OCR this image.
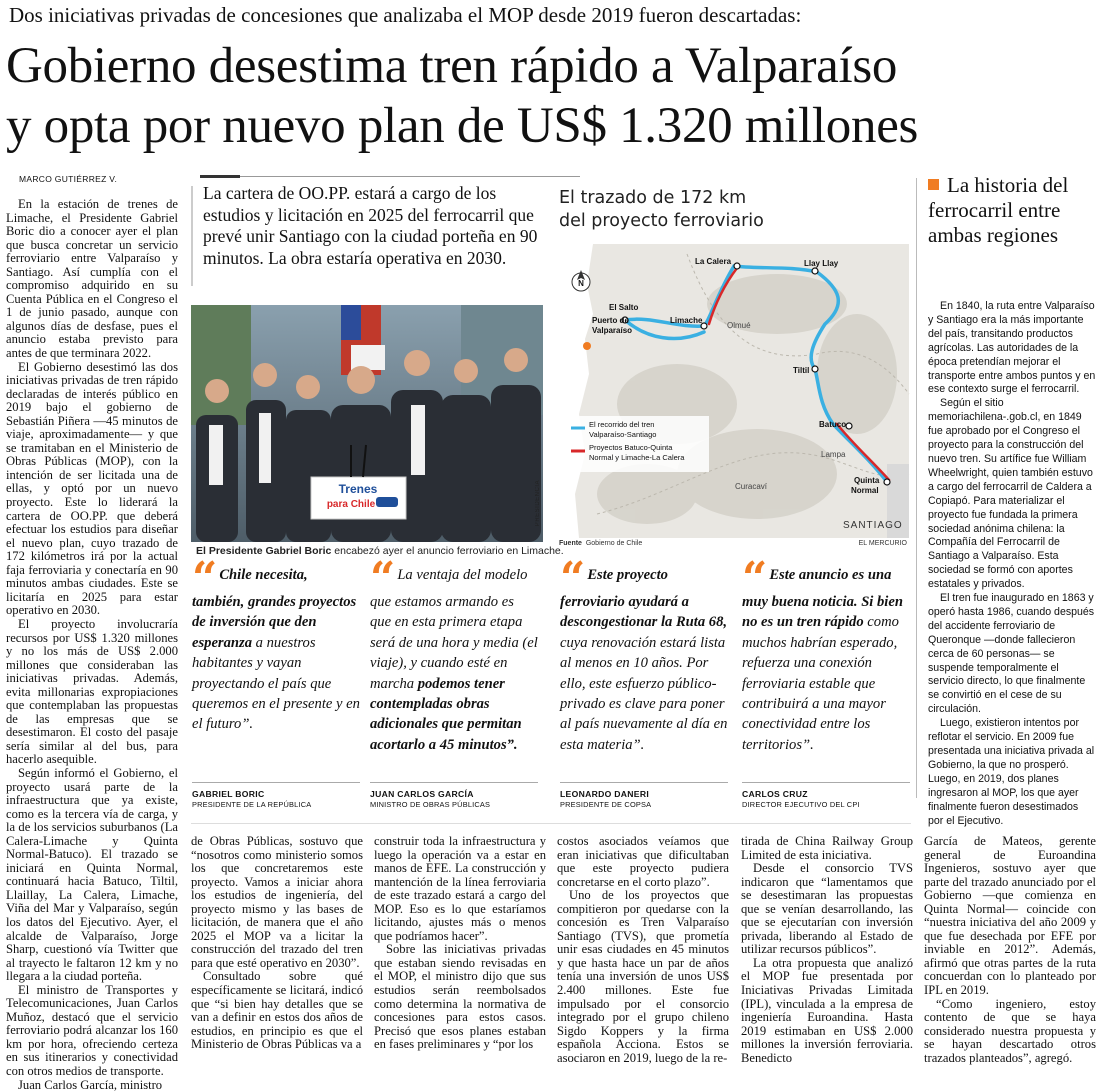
Dos iniciativas privadas de concesiones que analizaba el MOP desde 2019 fueron descartadas:
Gobierno desestima tren rápido a Valparaíso
y opta por nuevo plan de US$ 1.320 millones
MARCO GUTIÉRREZ V.

En la estación de trenes de Limache, el Presidente Gabriel Boric dio a conocer ayer el plan que busca concretar un servicio ferroviario entre Valparaíso y Santiago. Así cumplía con el compromiso adquirido en su Cuenta Pública en el Congreso el 1 de junio pasado, aunque con algunos días de desfase, pues el anuncio estaba previsto para antes de que terminara 2022.

El Gobierno desestimó las dos iniciativas privadas de tren rápido declaradas de interés público en 2019 bajo el gobierno de Sebastián Piñera —45 minutos de viaje, aproximadamente— y que se tramitaban en el Ministerio de Obras Públicas (MOP), con la intención de ser licitada una de ellas, y optó por un nuevo proyecto. Este lo liderará la cartera de OO.PP. que deberá efectuar los estudios para diseñar el nuevo plan, cuyo trazado de 172 kilómetros irá por la actual faja ferroviaria y conectaría en 90 minutos ambas ciudades. Este se licitaría en 2025 para estar operativo en 2030.

El proyecto involucraría recursos por US$ 1.320 millones y no los más de US$ 2.000 millones que consideraban las iniciativas privadas. Además, evita millonarias expropiaciones que contemplaban las propuestas de las empresas que se desestimaron. El costo del pasaje sería similar al del bus, para hacerlo asequible.

Según informó el Gobierno, el proyecto usará parte de la infraestructura que ya existe, como es la tercera vía de carga, y la de los servicios suburbanos (La Calera-Limache y Quinta Normal-Batuco). El trazado se iniciará en Quinta Normal, continuará hacia Batuco, Tiltil, Llaillay, La Calera, Limache, Viña del Mar y Valparaíso, según los datos del Ejecutivo. Ayer, el alcalde de Valparaíso, Jorge Sharp, cuestionó vía Twitter que al trayecto le faltaron 12 km y no llegara a la ciudad porteña.

El ministro de Transportes y Telecomunicaciones, Juan Carlos Muñoz, destacó que el servicio ferroviario podrá alcanzar los 160 km por hora, ofreciendo certeza en sus itinerarios y conectividad con otros medios de transporte.

Juan Carlos García, ministro

La cartera de OO.PP. estará a cargo de los estudios y licitación en 2025 del ferrocarril que prevé unir Santiago con la ciudad porteña en 90 minutos. La obra estaría operativa en 2030.
Trenes
para Chile	PRESIDENCIA
El Presidente Gabriel Boric encabezó ayer el anuncio ferroviario en Limache.
El trazado de 172 km
del proyecto ferroviario
N
La Calera	Llay Llay
El Salto
Puerto de
Valparaíso
Limache
Olmué
Tiltil
Batuco
Lampa
Quinta
Normal
Curacaví
SANTIAGO
El recorrido del tren
Valparaíso-Santiago
Proyectos Batuco-Quinta
Normal y Limache-La Calera
Fuente Gobierno de Chile	EL MERCURIO
La historia del ferrocarril entre ambas regiones

En 1840, la ruta entre Valparaíso y Santiago era la más importante del país, transitando productos agrícolas. Las autoridades de la época pretendían mejorar el transporte entre ambos puntos y en ese contexto surge el ferrocarril.

Según el sitio memoriachilena-.gob.cl, en 1849 fue aprobado por el Congreso el proyecto para la construcción del nuevo tren. Su artífice fue William Wheelwright, quien también estuvo a cargo del ferrocarril de Caldera a Copiapó. Para materializar el proyecto fue fundada la primera sociedad anónima chilena: la Compañía del Ferrocarril de Santiago a Valparaíso. Esta sociedad se formó con aportes estatales y privados.

El tren fue inaugurado en 1863 y operó hasta 1986, cuando después del accidente ferroviario de Queronque —donde fallecieron cerca de 60 personas— se suspende temporalmente el servicio directo, lo que finalmente se convirtió en el cese de su circulación.

Luego, existieron intentos por reflotar el servicio. En 2009 fue presentada una iniciativa privada al Gobierno, la que no prosperó. Luego, en 2019, dos planes ingresaron al MOP, los que ayer finalmente fueron desestimados por el Ejecutivo.

“ Chile necesita, también, grandes proyectos de inversión que den esperanza a nuestros habitantes y vayan proyectando el país que queremos en el presente y en el futuro”.
GABRIEL BORIC
PRESIDENTE DE LA REPÚBLICA
“ La ventaja del modelo que estamos armando es que en esta primera etapa será de una hora y media (el viaje), y cuando esté en marcha podemos tener contempladas obras adicionales que permitan acortarlo a 45 minutos”.
JUAN CARLOS GARCÍA
MINISTRO DE OBRAS PÚBLICAS
“ Este proyecto ferroviario ayudará a descongestionar la Ruta 68, cuya renovación estará lista al menos en 10 años. Por ello, este esfuerzo público-privado es clave para poner al país nuevamente al día en esta materia”.
LEONARDO DANERI
PRESIDENTE DE COPSA
“ Este anuncio es una muy buena noticia. Si bien no es un tren rápido como muchos habrían esperado, refuerza una conexión ferroviaria estable que contribuirá a una mayor conectividad entre los territorios”.
CARLOS CRUZ
DIRECTOR EJECUTIVO DEL CPI

de Obras Públicas, sostuvo que “nosotros como ministerio somos los que concretaremos este proyecto. Vamos a iniciar ahora los estudios de ingeniería, del proyecto mismo y las bases de licitación, de manera que el año 2025 el MOP va a licitar la construcción del trazado del tren para que esté operativo en 2030”.

Consultado sobre qué específicamente se licitará, indicó que “si bien hay detalles que se van a definir en estos dos años de estudios, en principio es que el Ministerio de Obras Públicas va a

construir toda la infraestructura y luego la operación va a estar en manos de EFE. La construcción y mantención de la línea ferroviaria de este trazado estará a cargo del MOP. Eso es lo que estaríamos licitando, ajustes más o menos que podríamos hacer”.

Sobre las iniciativas privadas que estaban siendo revisadas en el MOP, el ministro dijo que sus estudios serán reembolsados como determina la normativa de concesiones para estos casos. Precisó que esos planes estaban en fases preliminares y “por los

costos asociados veíamos que eran iniciativas que dificultaban que este proyecto pudiera concretarse en el corto plazo”.

Uno de los proyectos que compitieron por quedarse con la concesión es Tren Valparaíso Santiago (TVS), que prometía unir esas ciudades en 45 minutos y que hasta hace un par de años tenía una inversión de unos US$ 2.400 millones. Este fue impulsado por el consorcio integrado por el grupo chileno Sigdo Koppers y la firma española Acciona. Estos se asociaron en 2019, luego de la re-

tirada de China Railway Group Limited de esta iniciativa.

Desde el consorcio TVS indicaron que “lamentamos que se desestimaran las propuestas que se venían desarrollando, las que se ejecutarían con inversión privada, liberando al Estado de utilizar recursos públicos”.

La otra propuesta que analizó el MOP fue presentada por Iniciativas Privadas Limitada (IPL), vinculada a la empresa de ingeniería Euroandina. Hasta 2019 estimaban en US$ 2.000 millones la inversión ferroviaria. Benedicto

García de Mateos, gerente general de Euroandina Ingenieros, sostuvo ayer que parte del trazado anunciado por el Gobierno —que comienza en Quinta Normal— coincide con “nuestra iniciativa del año 2009 y que fue desechada por EFE por inviable en 2012”. Además, afirmó que otras partes de la ruta concuerdan con lo planteado por IPL en 2019.

“Como ingeniero, estoy contento de que se haya considerado nuestra propuesta y se hayan descartado otros trazados planteados”, agregó.
